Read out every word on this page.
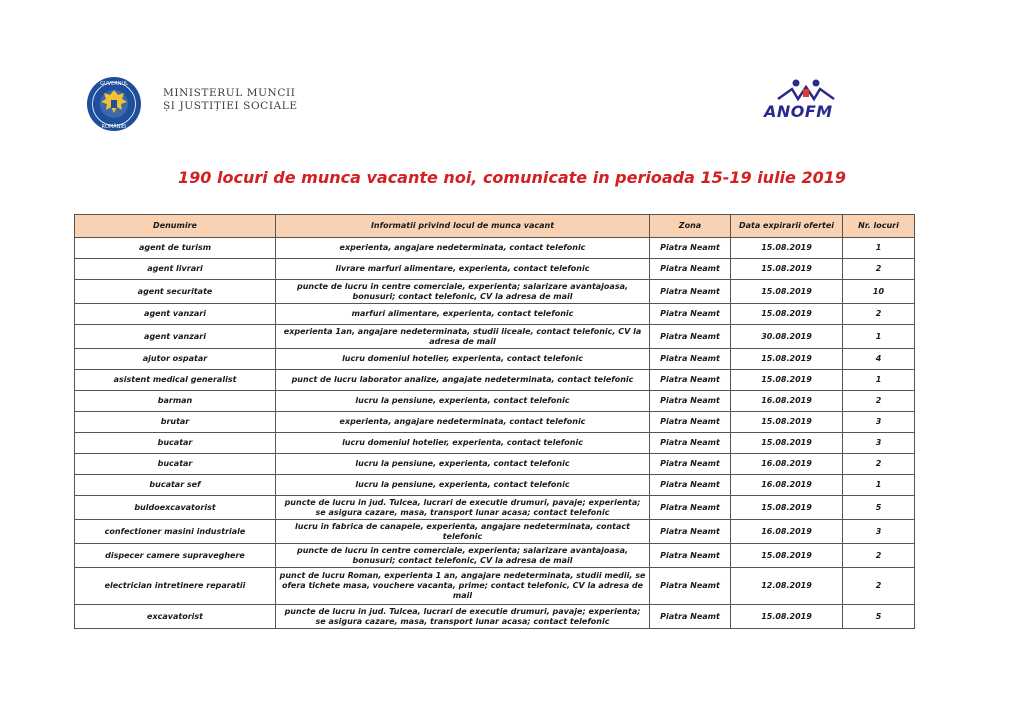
GUVERNUL
ROMÂNIEI
MINISTERUL MUNCII
ȘI JUSTIȚIEI SOCIALE	ANOFM
190 locuri de munca vacante noi, comunicate in perioada 15-19 iulie 2019
Denumire	Informatii privind locul de munca vacant	Zona	Data expirarii ofertei	Nr. locuri
agent de turism	experienta, angajare nedeterminata, contact telefonic	Piatra Neamt	15.08.2019	1
agent livrari	livrare marfuri alimentare, experienta, contact telefonic	Piatra Neamt	15.08.2019	2
agent securitate	puncte de lucru in centre comerciale, experienta; salarizare avantajoasa, bonusuri; contact telefonic, CV la adresa de mail	Piatra Neamt	15.08.2019	10
agent vanzari	marfuri alimentare, experienta, contact telefonic	Piatra Neamt	15.08.2019	2
agent vanzari	experienta 1an, angajare nedeterminata, studii liceale, contact telefonic, CV la adresa de mail	Piatra Neamt	30.08.2019	1
ajutor ospatar	lucru domeniul hotelier, experienta, contact telefonic	Piatra Neamt	15.08.2019	4
asistent medical generalist	punct de lucru laborator analize, angajate nedeterminata, contact telefonic	Piatra Neamt	15.08.2019	1
barman	lucru la pensiune, experienta, contact telefonic	Piatra Neamt	16.08.2019	2
brutar	experienta, angajare nedeterminata, contact telefonic	Piatra Neamt	15.08.2019	3
bucatar	lucru domeniul hotelier, experienta, contact telefonic	Piatra Neamt	15.08.2019	3
bucatar	lucru la pensiune, experienta, contact telefonic	Piatra Neamt	16.08.2019	2
bucatar sef	lucru la pensiune, experienta, contact telefonic	Piatra Neamt	16.08.2019	1
buldoexcavatorist	puncte de lucru in jud. Tulcea, lucrari de executie drumuri, pavaje; experienta; se asigura cazare, masa, transport lunar acasa; contact telefonic	Piatra Neamt	15.08.2019	5
confectioner masini industriale	lucru in fabrica de canapele, experienta, angajare nedeterminata, contact telefonic	Piatra Neamt	16.08.2019	3
dispecer camere supraveghere	puncte de lucru in centre comerciale, experienta; salarizare avantajoasa, bonusuri; contact telefonic, CV la adresa de mail	Piatra Neamt	15.08.2019	2
electrician intretinere reparatii	punct de lucru Roman, experienta 1 an, angajare nedeterminata, studii medii, se ofera tichete masa, vouchere vacanta, prime; contact telefonic, CV la adresa de mail	Piatra Neamt	12.08.2019	2
excavatorist	puncte de lucru in jud. Tulcea, lucrari de executie drumuri, pavaje; experienta; se asigura cazare, masa, transport lunar acasa; contact telefonic	Piatra Neamt	15.08.2019	5
